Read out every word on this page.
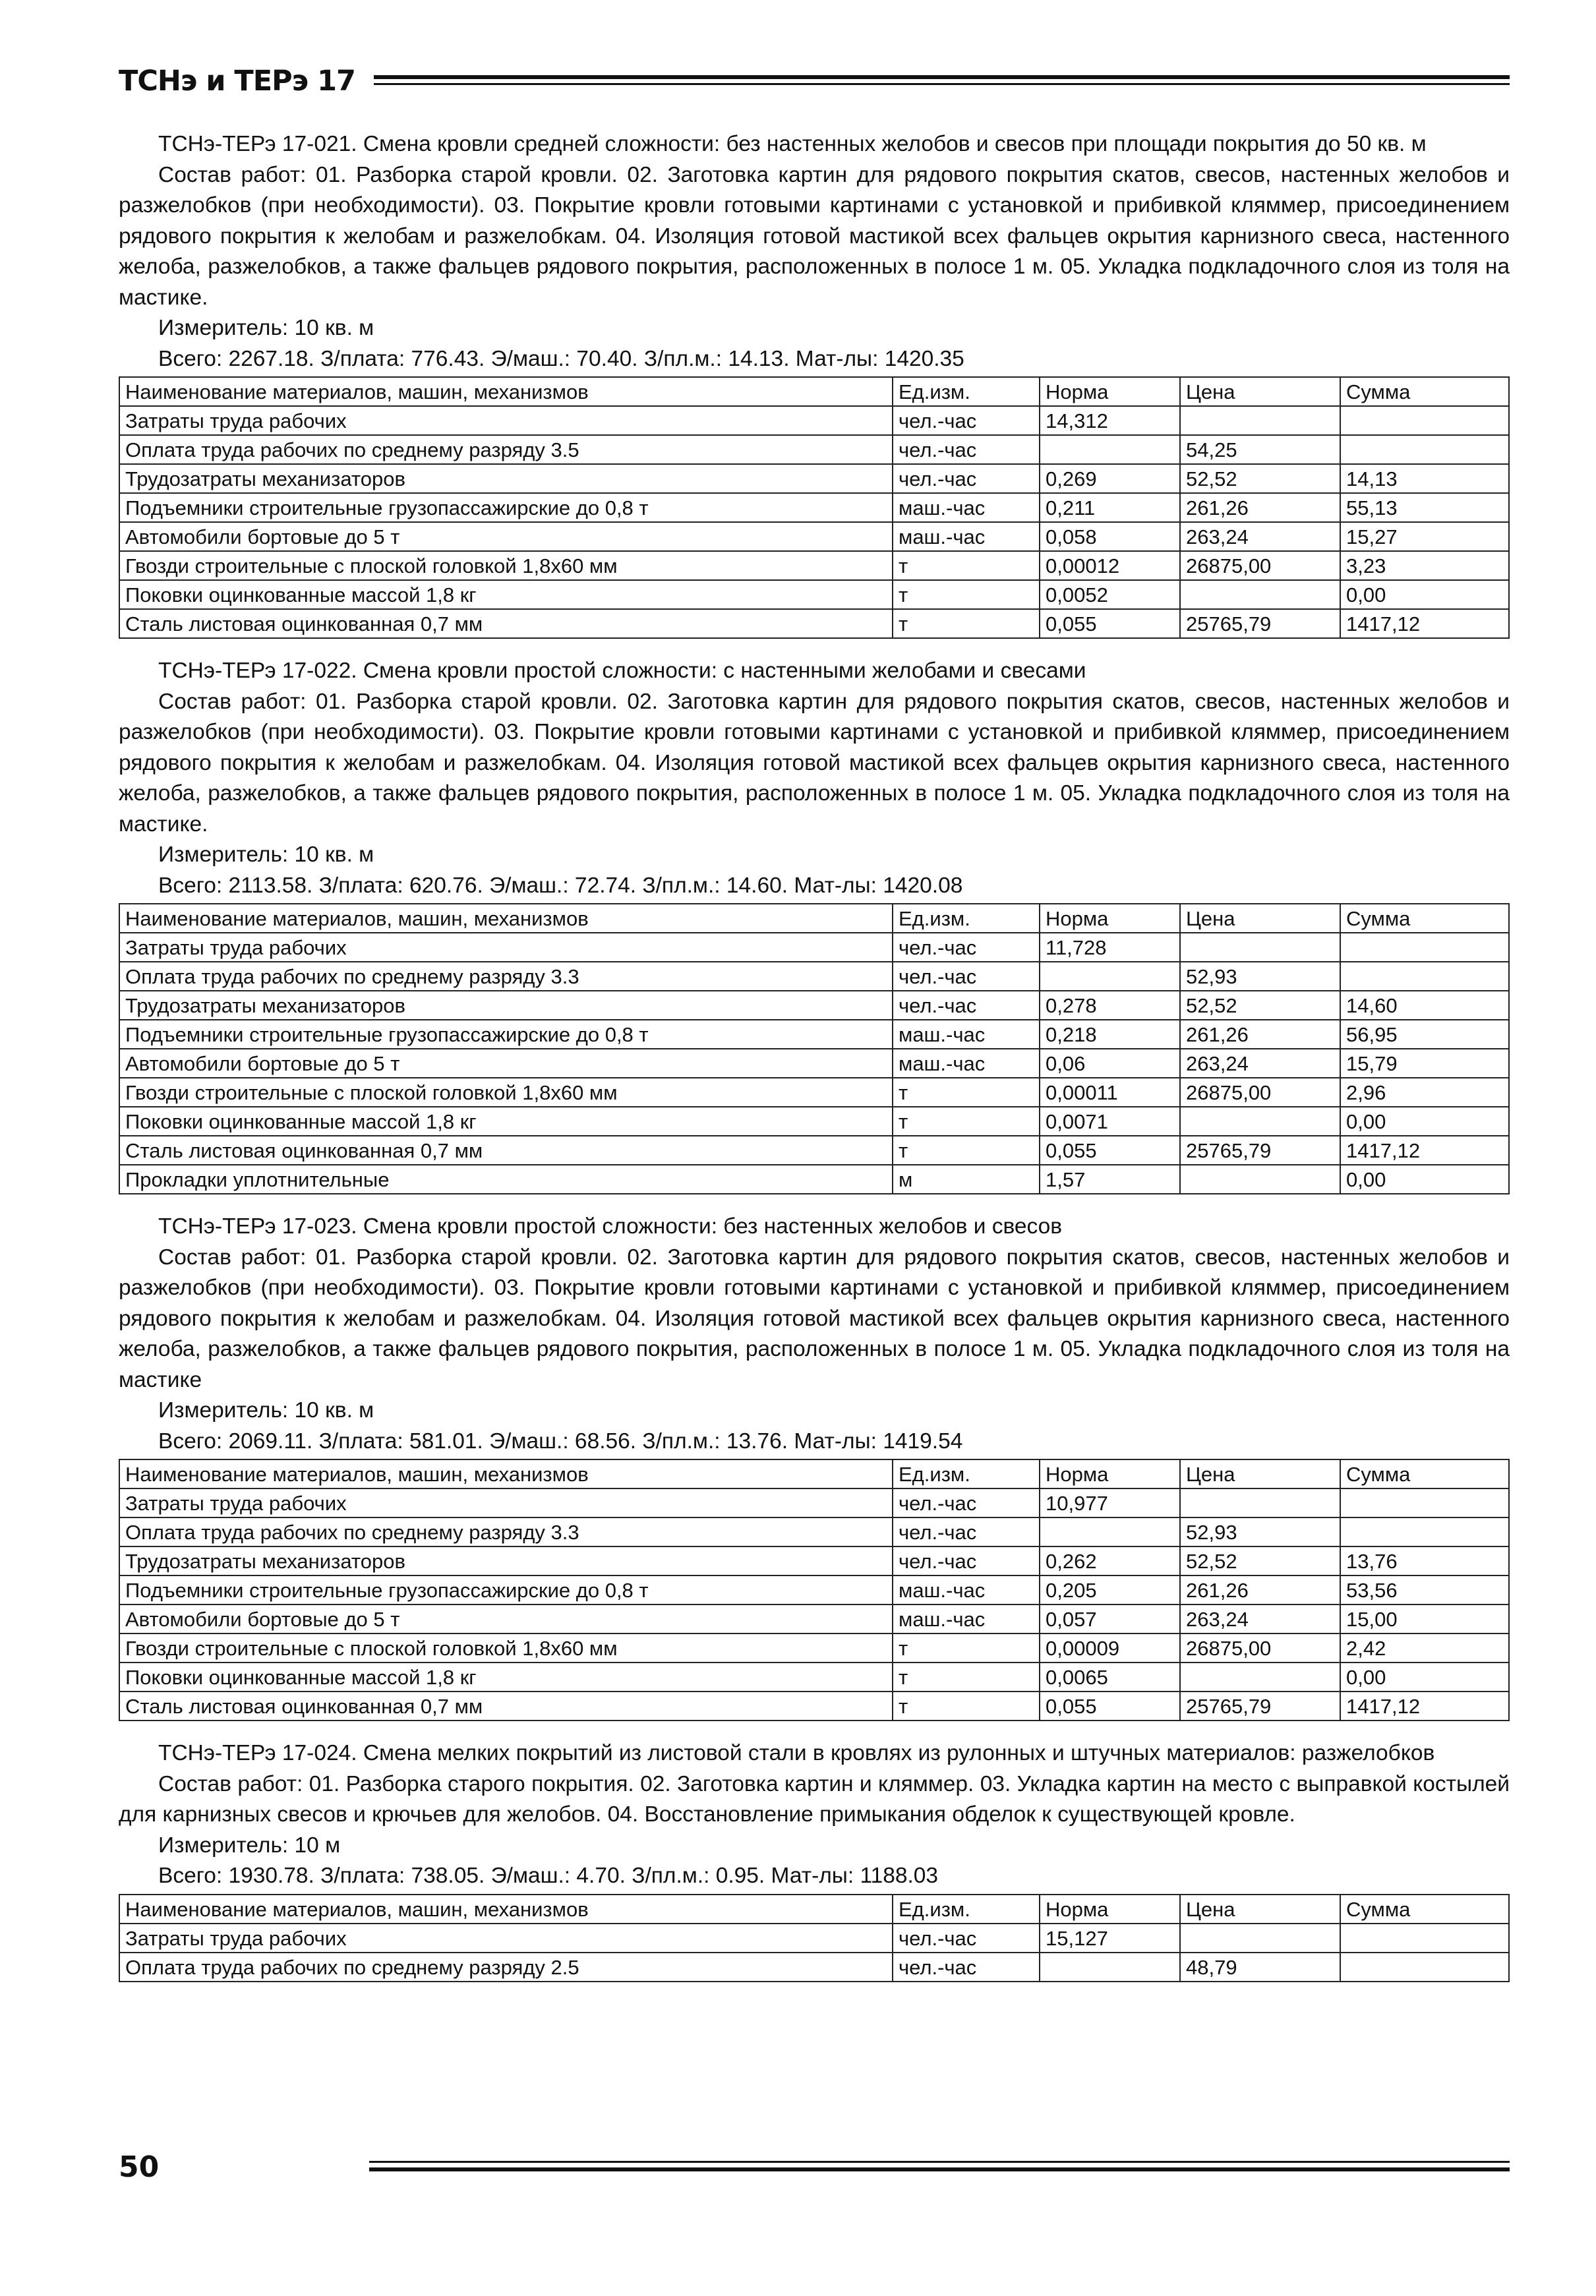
ТСНэ и ТЕРэ 17

ТСНэ-ТЕРэ 17-021. Смена кровли средней сложности: без настенных желобов и свесов при площади покрытия до 50 кв. м

Состав работ: 01. Разборка старой кровли. 02. Заготовка картин для рядового покрытия скатов, свесов, настенных желобов и разжелобков (при необходимости). 03. Покрытие кровли готовыми картинами с установкой и прибивкой кляммер, присоединением рядового покрытия к желобам и разжелобкам. 04. Изоляция готовой мастикой всех фальцев окрытия карнизного свеса, настенного желоба, разжелобков, а также фальцев рядового покрытия, расположенных в полосе 1 м. 05. Укладка подкладочного слоя из толя на мастике.

Измеритель: 10 кв. м

Всего: 2267.18. З/плата: 776.43. Э/маш.: 70.40. З/пл.м.: 14.13. Мат-лы: 1420.35

Наименование материалов, машин, механизмов	Ед.изм.	Норма	Цена	Сумма
Затраты труда рабочих	чел.-час	14,312		
Оплата труда рабочих по среднему разряду 3.5	чел.-час		54,25	
Трудозатраты механизаторов	чел.-час	0,269	52,52	14,13
Подъемники строительные грузопассажирские до 0,8 т	маш.-час	0,211	261,26	55,13
Автомобили бортовые до 5 т	маш.-час	0,058	263,24	15,27
Гвозди строительные с плоской головкой 1,8х60 мм	т	0,00012	26875,00	3,23
Поковки оцинкованные массой 1,8 кг	т	0,0052		0,00
Сталь листовая оцинкованная 0,7 мм	т	0,055	25765,79	1417,12

ТСНэ-ТЕРэ 17-022. Смена кровли простой сложности: с настенными желобами и свесами

Состав работ: 01. Разборка старой кровли. 02. Заготовка картин для рядового покрытия скатов, свесов, настенных желобов и разжелобков (при необходимости). 03. Покрытие кровли готовыми картинами с установкой и прибивкой кляммер, присоединением рядового покрытия к желобам и разжелобкам. 04. Изоляция готовой мастикой всех фальцев окрытия карнизного свеса, настенного желоба, разжелобков, а также фальцев рядового покрытия, расположенных в полосе 1 м. 05. Укладка подкладочного слоя из толя на мастике.

Измеритель: 10 кв. м

Всего: 2113.58. З/плата: 620.76. Э/маш.: 72.74. З/пл.м.: 14.60. Мат-лы: 1420.08

Наименование материалов, машин, механизмов	Ед.изм.	Норма	Цена	Сумма
Затраты труда рабочих	чел.-час	11,728		
Оплата труда рабочих по среднему разряду 3.3	чел.-час		52,93	
Трудозатраты механизаторов	чел.-час	0,278	52,52	14,60
Подъемники строительные грузопассажирские до 0,8 т	маш.-час	0,218	261,26	56,95
Автомобили бортовые до 5 т	маш.-час	0,06	263,24	15,79
Гвозди строительные с плоской головкой 1,8х60 мм	т	0,00011	26875,00	2,96
Поковки оцинкованные массой 1,8 кг	т	0,0071		0,00
Сталь листовая оцинкованная 0,7 мм	т	0,055	25765,79	1417,12
Прокладки уплотнительные	м	1,57		0,00

ТСНэ-ТЕРэ 17-023. Смена кровли простой сложности: без настенных желобов и свесов

Состав работ: 01. Разборка старой кровли. 02. Заготовка картин для рядового покрытия скатов, свесов, настенных желобов и разжелобков (при необходимости). 03. Покрытие кровли готовыми картинами с установкой и прибивкой кляммер, присоединением рядового покрытия к желобам и разжелобкам. 04. Изоляция готовой мастикой всех фальцев окрытия карнизного свеса, настенного желоба, разжелобков, а также фальцев рядового покрытия, расположенных в полосе 1 м. 05. Укладка подкладочного слоя из толя на мастике

Измеритель: 10 кв. м

Всего: 2069.11. З/плата: 581.01. Э/маш.: 68.56. З/пл.м.: 13.76. Мат-лы: 1419.54

Наименование материалов, машин, механизмов	Ед.изм.	Норма	Цена	Сумма
Затраты труда рабочих	чел.-час	10,977		
Оплата труда рабочих по среднему разряду 3.3	чел.-час		52,93	
Трудозатраты механизаторов	чел.-час	0,262	52,52	13,76
Подъемники строительные грузопассажирские до 0,8 т	маш.-час	0,205	261,26	53,56
Автомобили бортовые до 5 т	маш.-час	0,057	263,24	15,00
Гвозди строительные с плоской головкой 1,8х60 мм	т	0,00009	26875,00	2,42
Поковки оцинкованные массой 1,8 кг	т	0,0065		0,00
Сталь листовая оцинкованная 0,7 мм	т	0,055	25765,79	1417,12

ТСНэ-ТЕРэ 17-024. Смена мелких покрытий из листовой стали в кровлях из рулонных и штучных материалов: разжелобков

Состав работ: 01. Разборка старого покрытия. 02. Заготовка картин и кляммер. 03. Укладка картин на место с выправкой костылей для карнизных свесов и крючьев для желобов. 04. Восстановление примыкания обделок к существующей кровле.

Измеритель: 10 м

Всего: 1930.78. З/плата: 738.05. Э/маш.: 4.70. З/пл.м.: 0.95. Мат-лы: 1188.03

Наименование материалов, машин, механизмов	Ед.изм.	Норма	Цена	Сумма
Затраты труда рабочих	чел.-час	15,127		
Оплата труда рабочих по среднему разряду 2.5	чел.-час		48,79	
50
